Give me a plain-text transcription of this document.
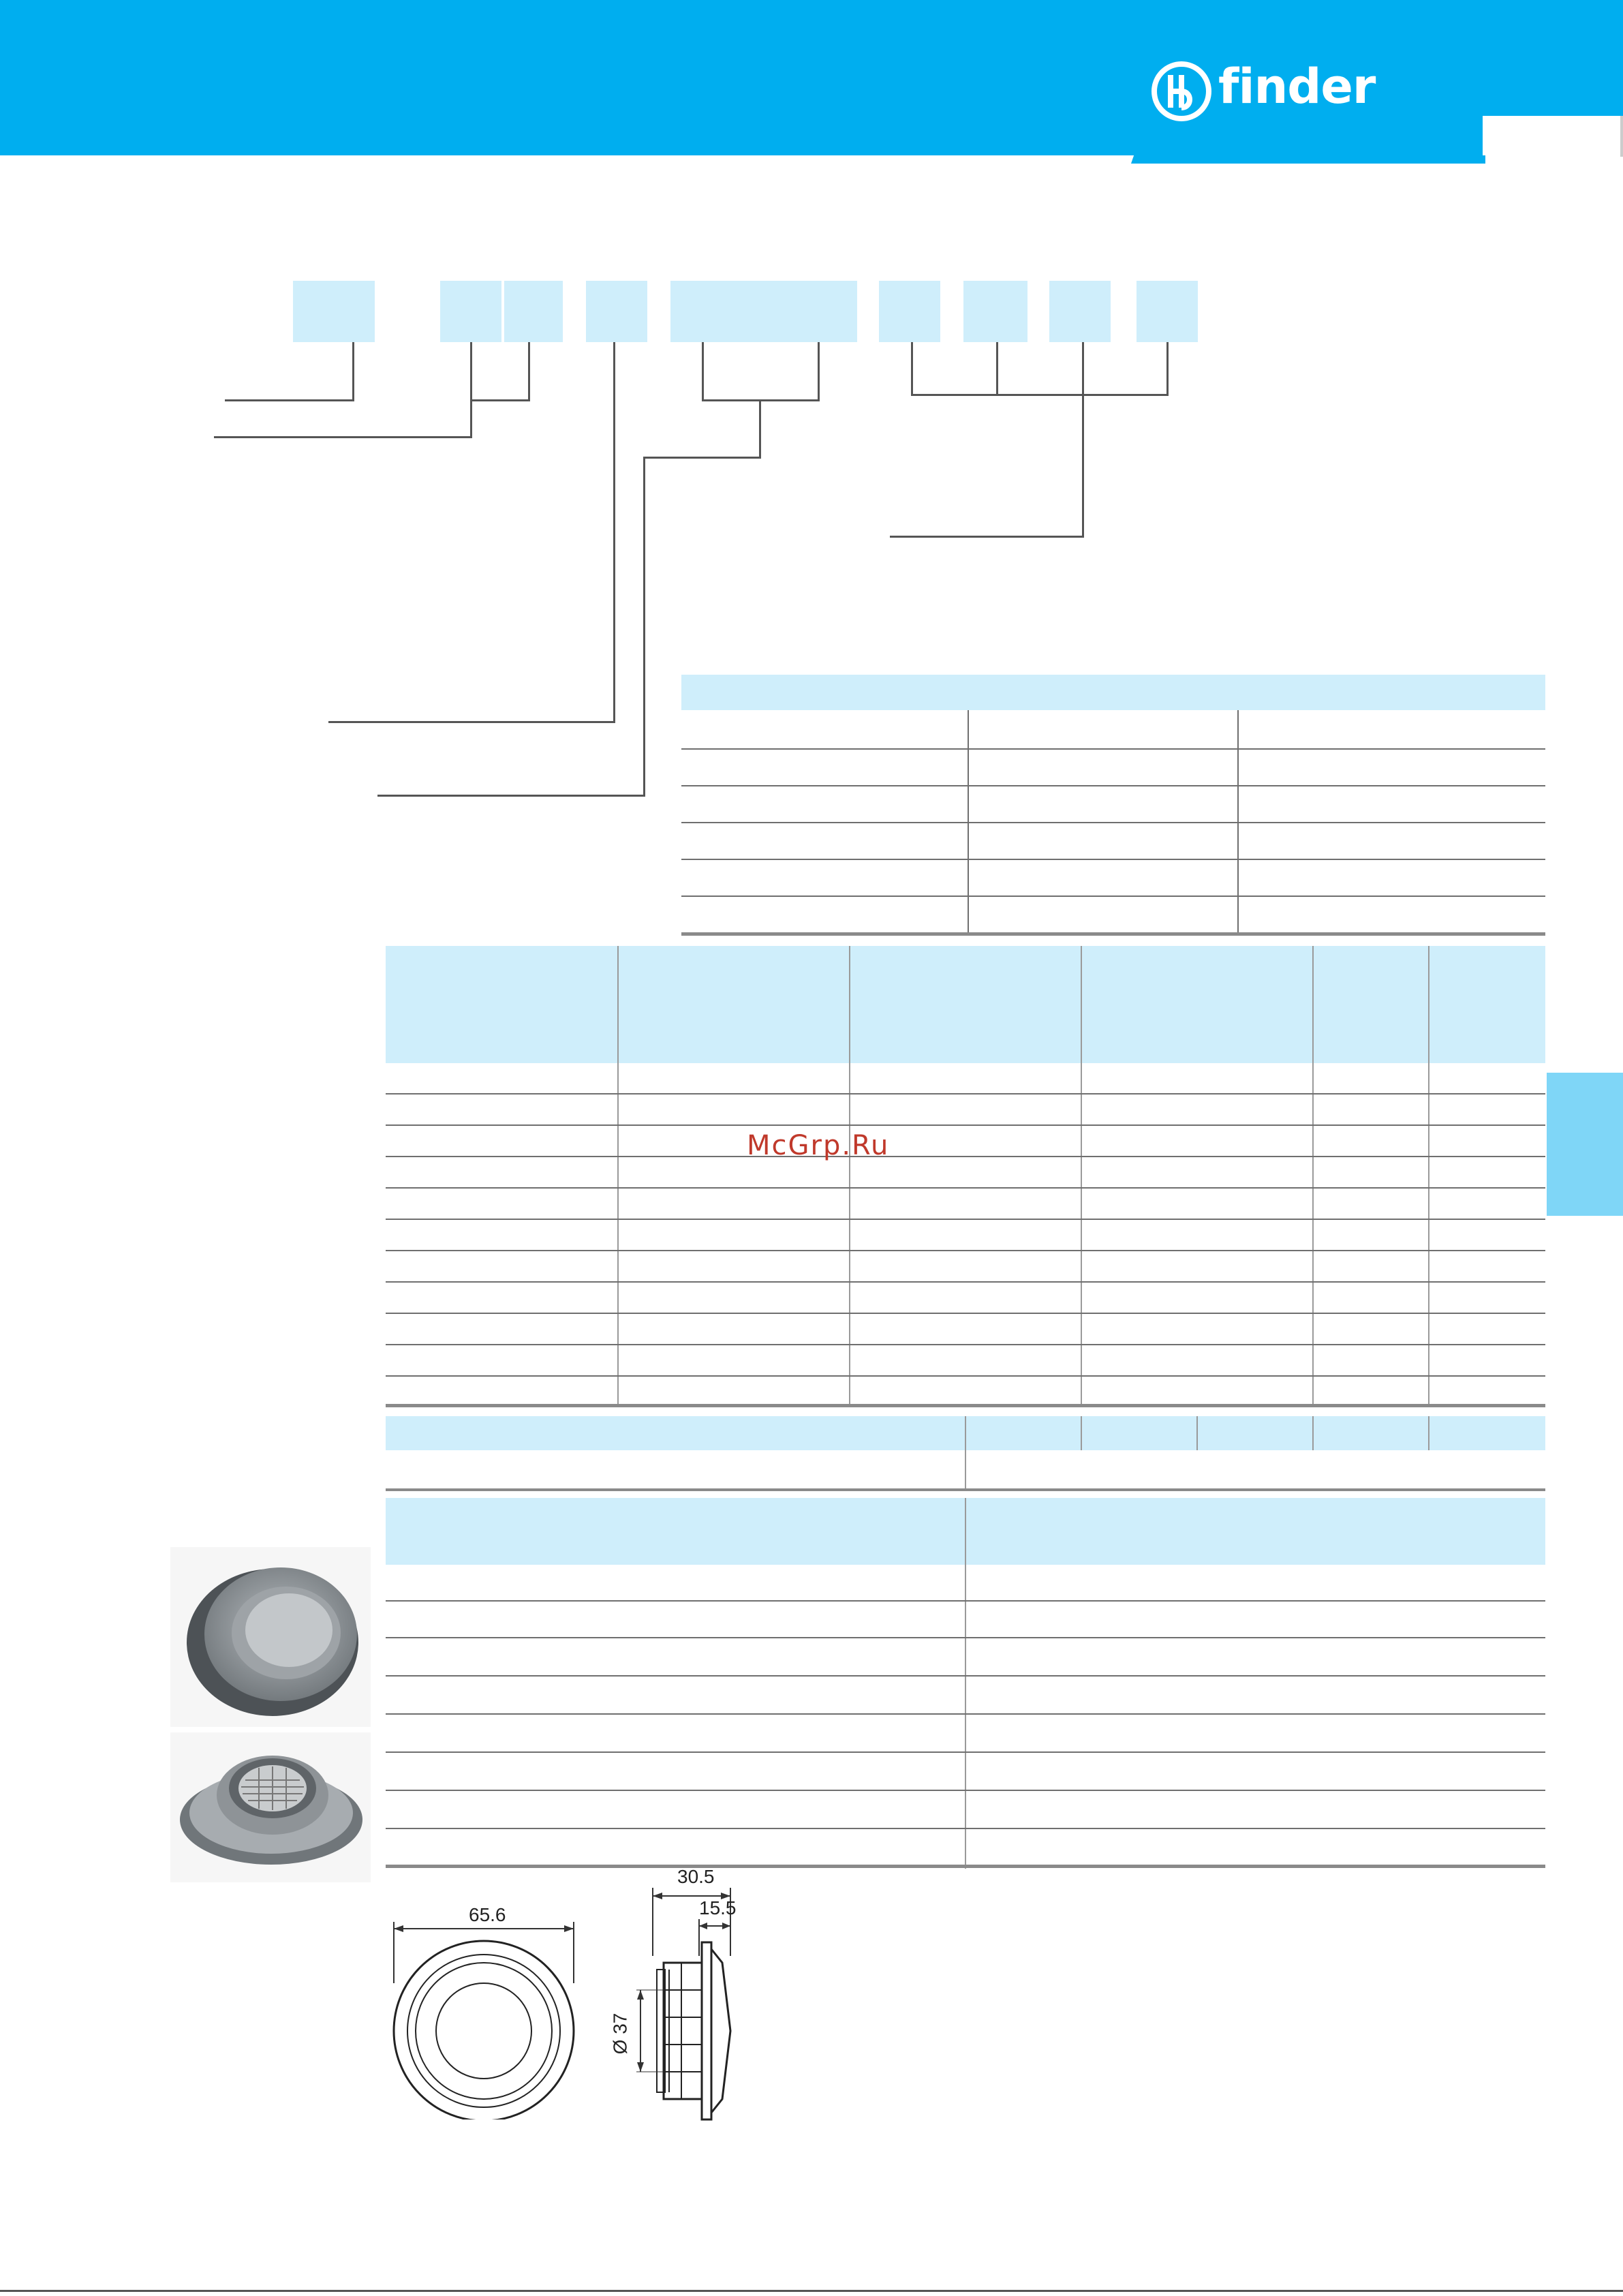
finder
McGrp.Ru
65.6
30.5
15.5
Ø 37
